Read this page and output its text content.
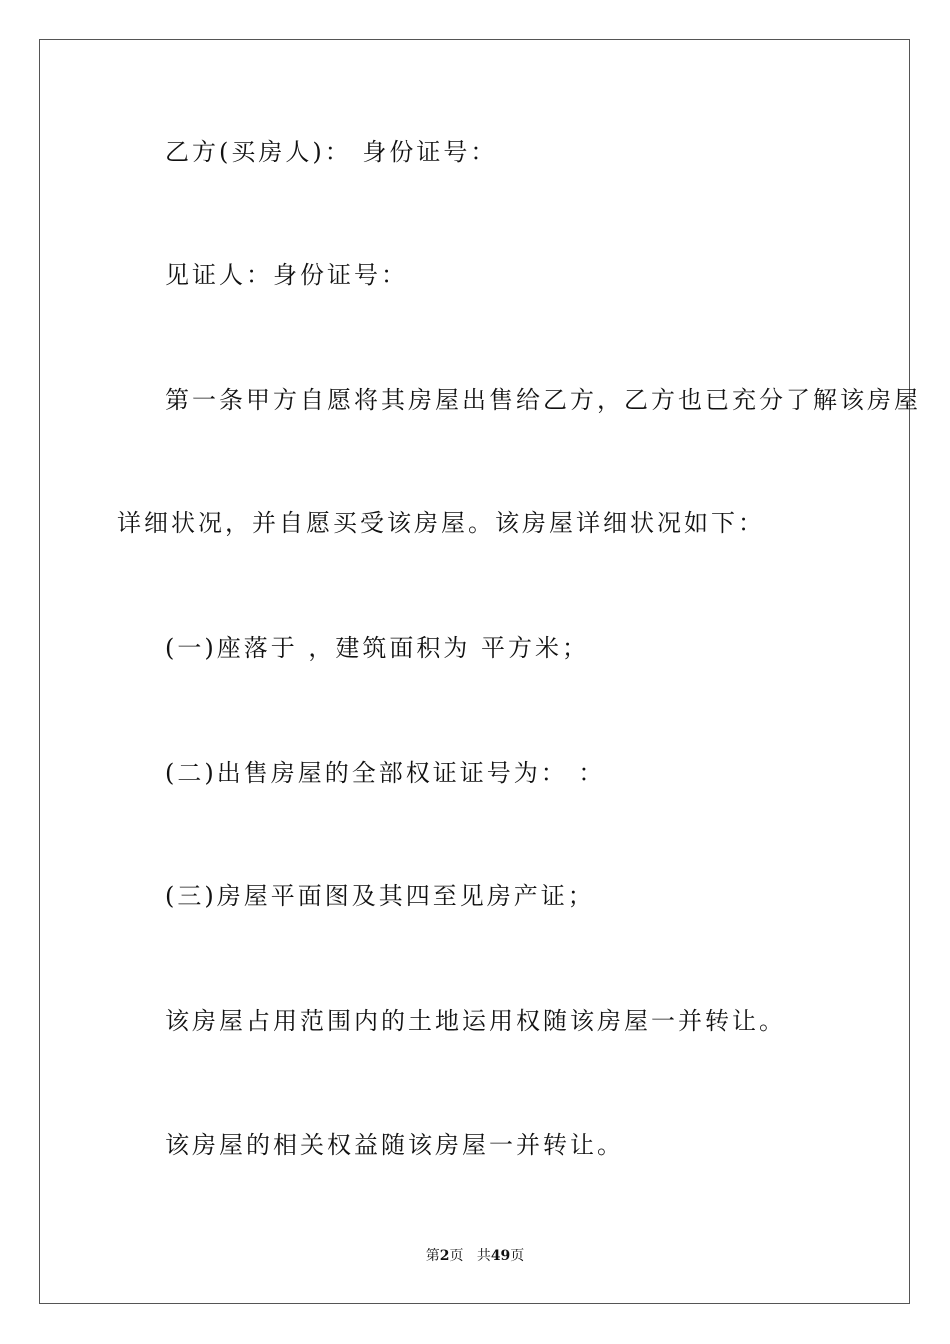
乙方(买房人)： 身份证号：
见证人：身份证号：
第一条甲方自愿将其房屋出售给乙方，乙方也已充分了解该房屋
详细状况，并自愿买受该房屋。该房屋详细状况如下：
(一)座落于 ，建筑面积为 平方米；
(二)出售房屋的全部权证证号为： ：
(三)房屋平面图及其四至见房产证；
该房屋占用范围内的土地运用权随该房屋一并转让。
该房屋的相关权益随该房屋一并转让。
第2页 共49页
